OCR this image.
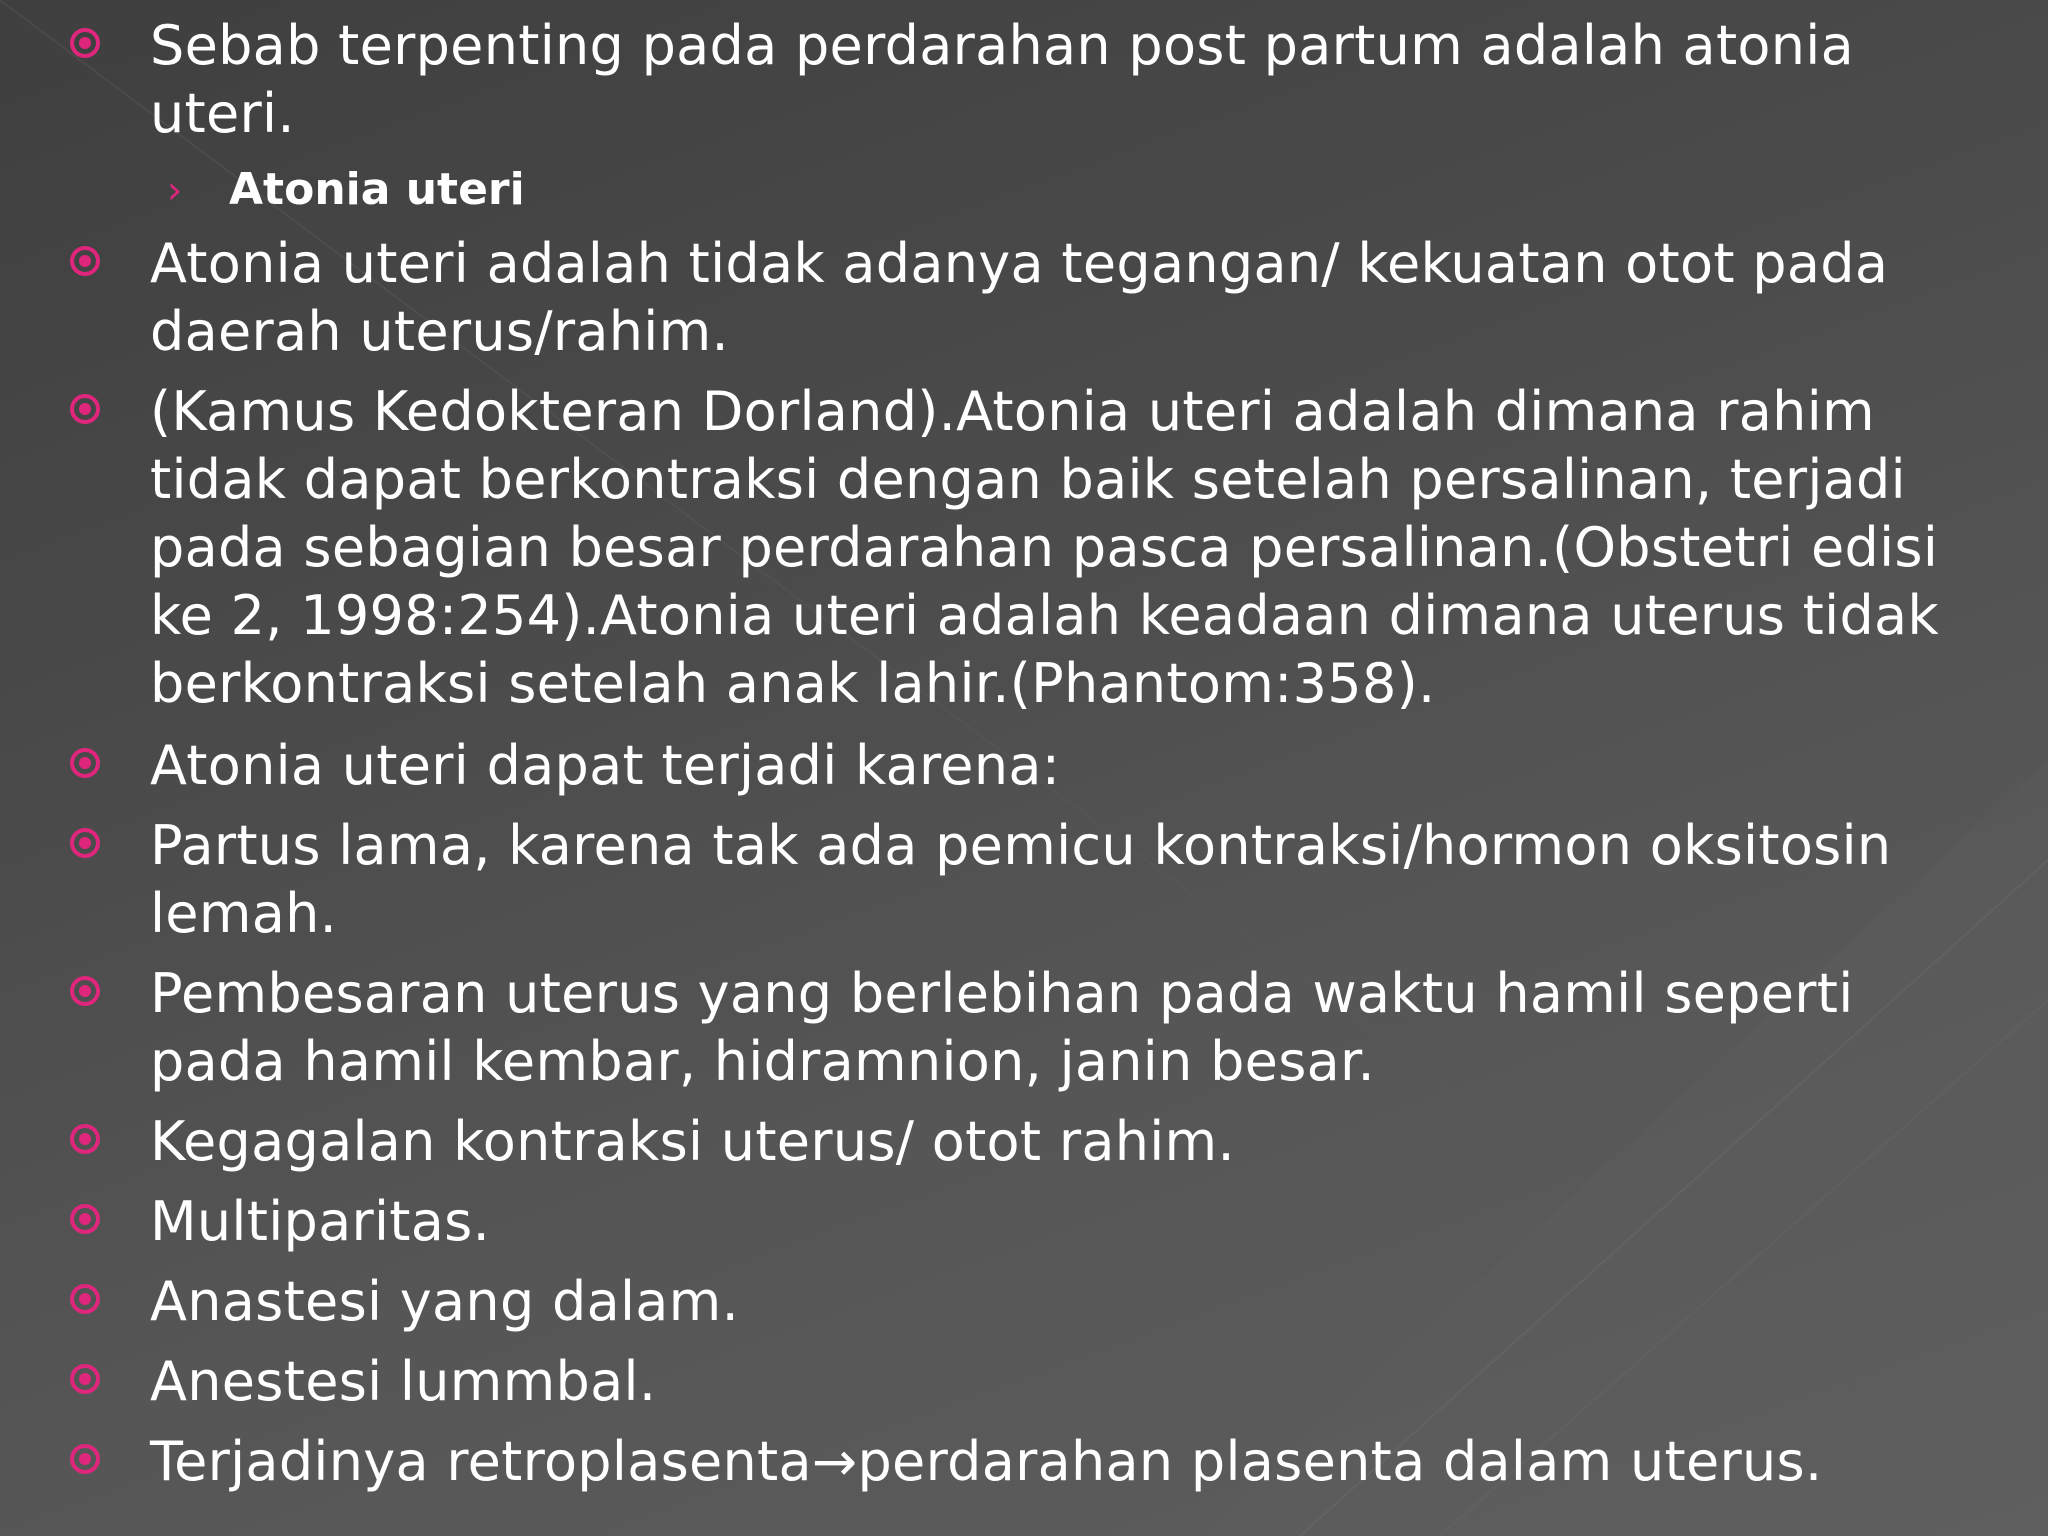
Sebab terpenting pada perdarahan post partum adalah atonia
uteri.
› Atonia uteri
Atonia uteri adalah tidak adanya tegangan/ kekuatan otot pada
daerah uterus/rahim.
(Kamus Kedokteran Dorland).Atonia uteri adalah dimana rahim
tidak dapat berkontraksi dengan baik setelah persalinan, terjadi
pada sebagian besar perdarahan pasca persalinan.(Obstetri edisi
ke 2, 1998:254).Atonia uteri adalah keadaan dimana uterus tidak
berkontraksi setelah anak lahir.(Phantom:358).
Atonia uteri dapat terjadi karena:
Partus lama, karena tak ada pemicu kontraksi/hormon oksitosin
lemah.
Pembesaran uterus yang berlebihan pada waktu hamil seperti
pada hamil kembar, hidramnion, janin besar.
Kegagalan kontraksi uterus/ otot rahim.
Multiparitas.
Anastesi yang dalam.
Anestesi lummbal.
Terjadinya retroplasenta→perdarahan plasenta dalam uterus.
